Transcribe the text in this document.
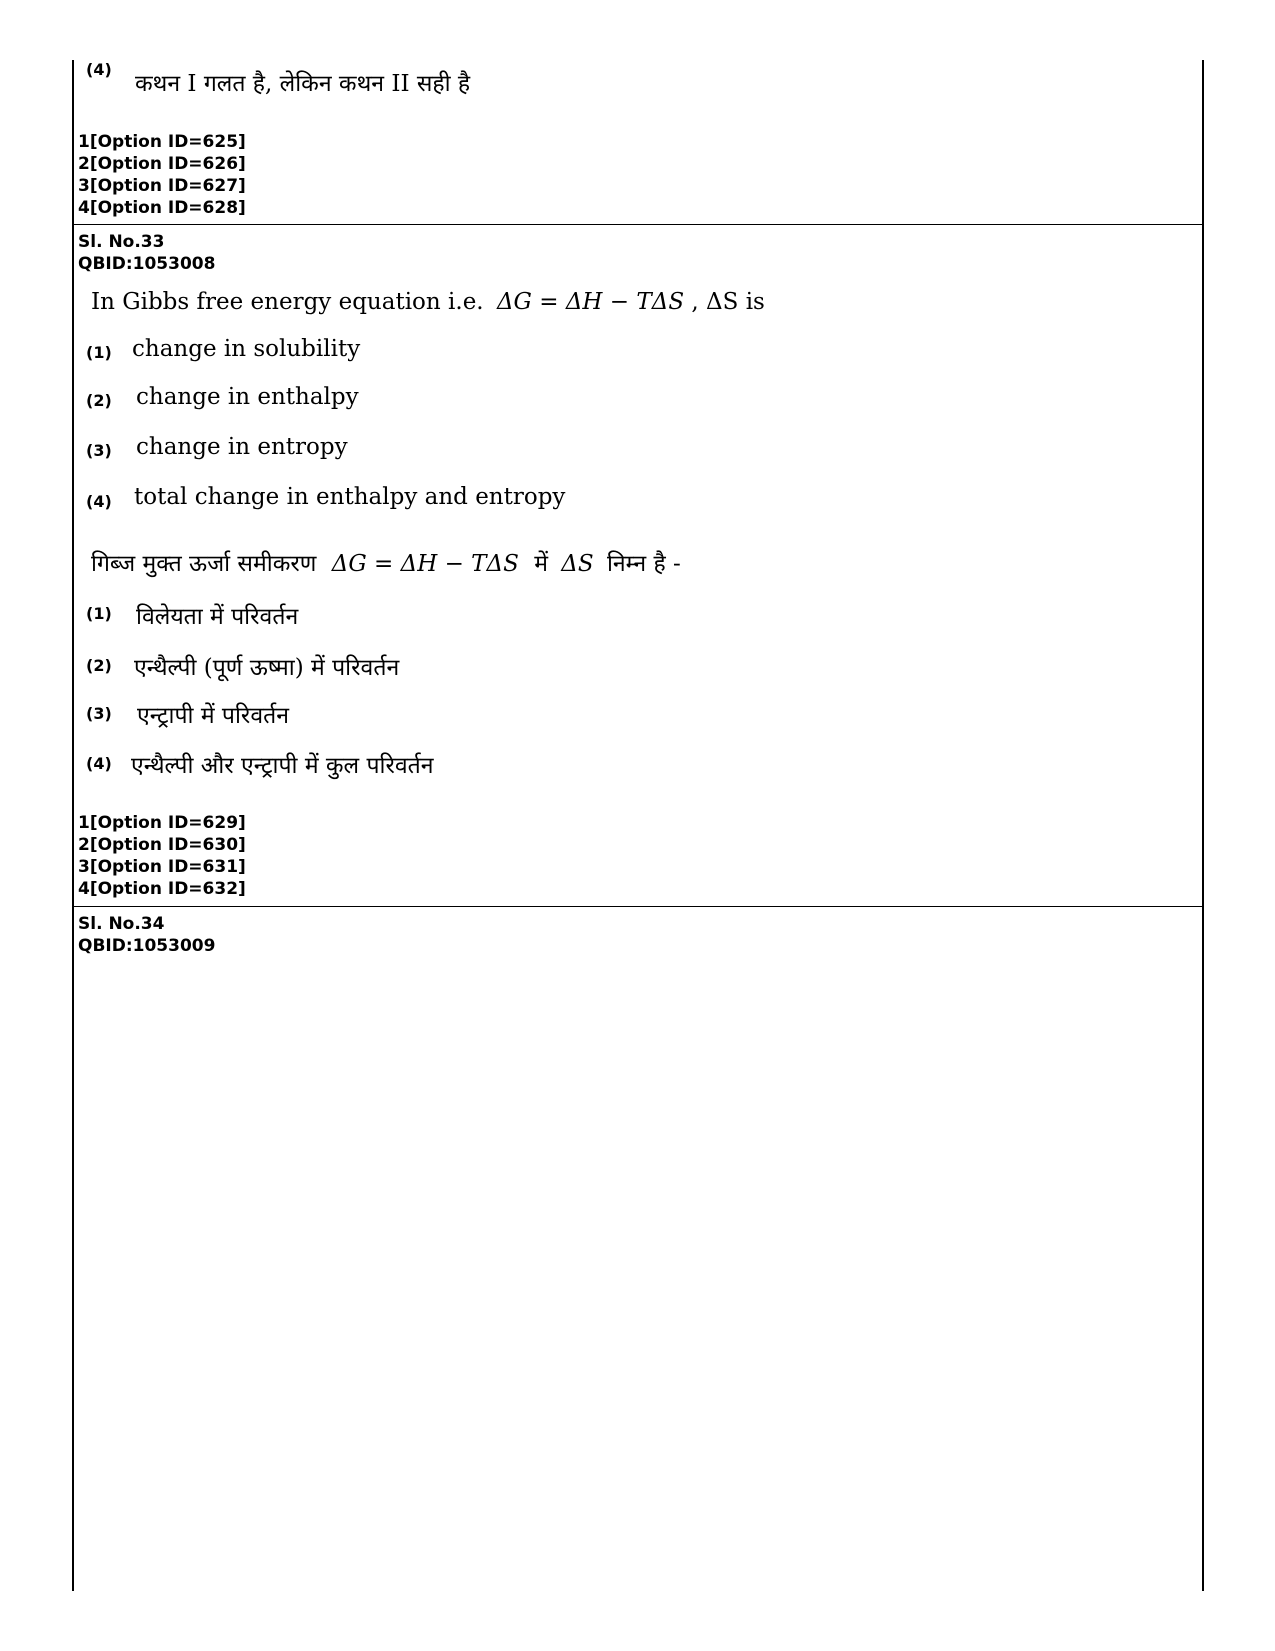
(4)
कथन I गलत है, लेकिन कथन II सही है
1[Option ID=625]
2[Option ID=626]
3[Option ID=627]
4[Option ID=628]
Sl. No.33
QBID:1053008
In Gibbs free energy equation i.e. ΔG = ΔH − TΔS , ΔS is
(1) change in solubility
(2) change in enthalpy
(3) change in entropy
(4) total change in enthalpy and entropy
गिब्ज मुक्त ऊर्जा समीकरण ΔG = ΔH − TΔS में ΔS निम्न है -
(1) विलेयता में परिवर्तन
(2) एन्थैल्पी (पूर्ण ऊष्मा) में परिवर्तन
(3) एन्ट्रापी में परिवर्तन
(4) एन्थैल्पी और एन्ट्रापी में कुल परिवर्तन
1[Option ID=629]
2[Option ID=630]
3[Option ID=631]
4[Option ID=632]
Sl. No.34
QBID:1053009
